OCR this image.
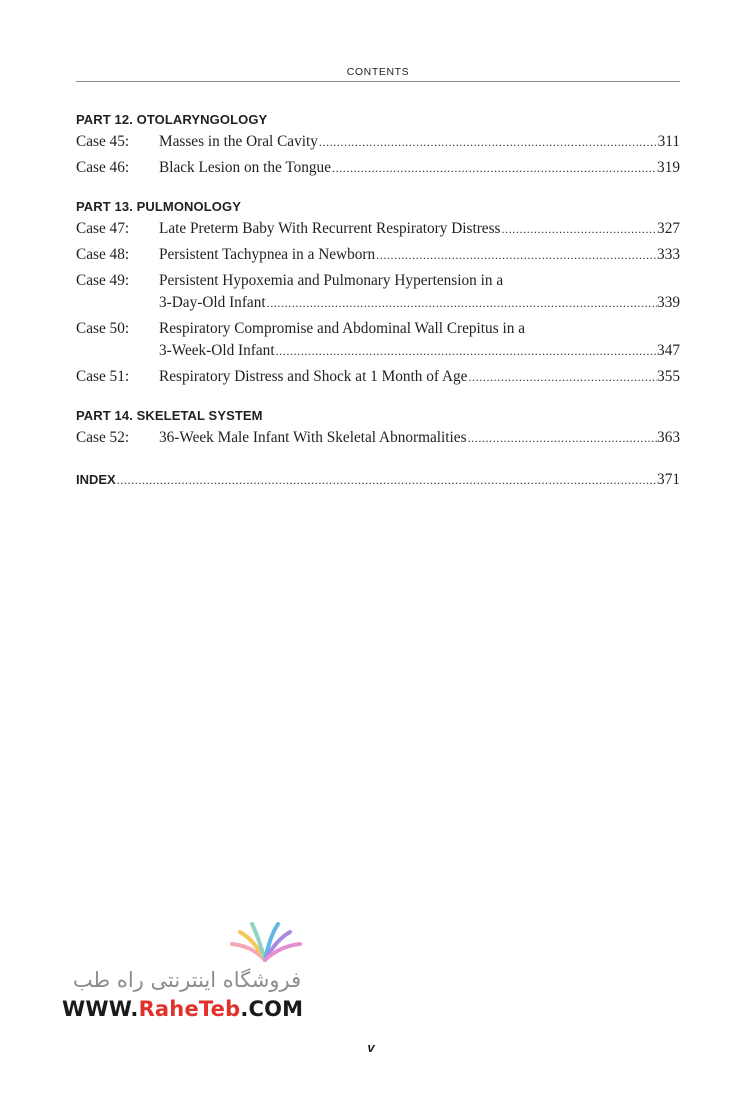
CONTENTS
PART 12. OTOLARYNGOLOGY
Case 45:	Masses in the Oral Cavity .....	311
Case 46:	Black Lesion on the Tongue .....	319
PART 13. PULMONOLOGY
Case 47:	Late Preterm Baby With Recurrent Respiratory Distress .....	327
Case 48:	Persistent Tachypnea in a Newborn .....	333
Case 49:	Persistent Hypoxemia and Pulmonary Hypertension in a
3-Day-Old Infant .....	339
Case 50:	Respiratory Compromise and Abdominal Wall Crepitus in a
3-Week-Old Infant .....	347
Case 51:	Respiratory Distress and Shock at 1 Month of Age .....	355
PART 14. SKELETAL SYSTEM
Case 52:	36-Week Male Infant With Skeletal Abnormalities .....	363
INDEX .....	371
فروشگاه اینترنتی راه طب
WWW.RaheTeb.COM
v
